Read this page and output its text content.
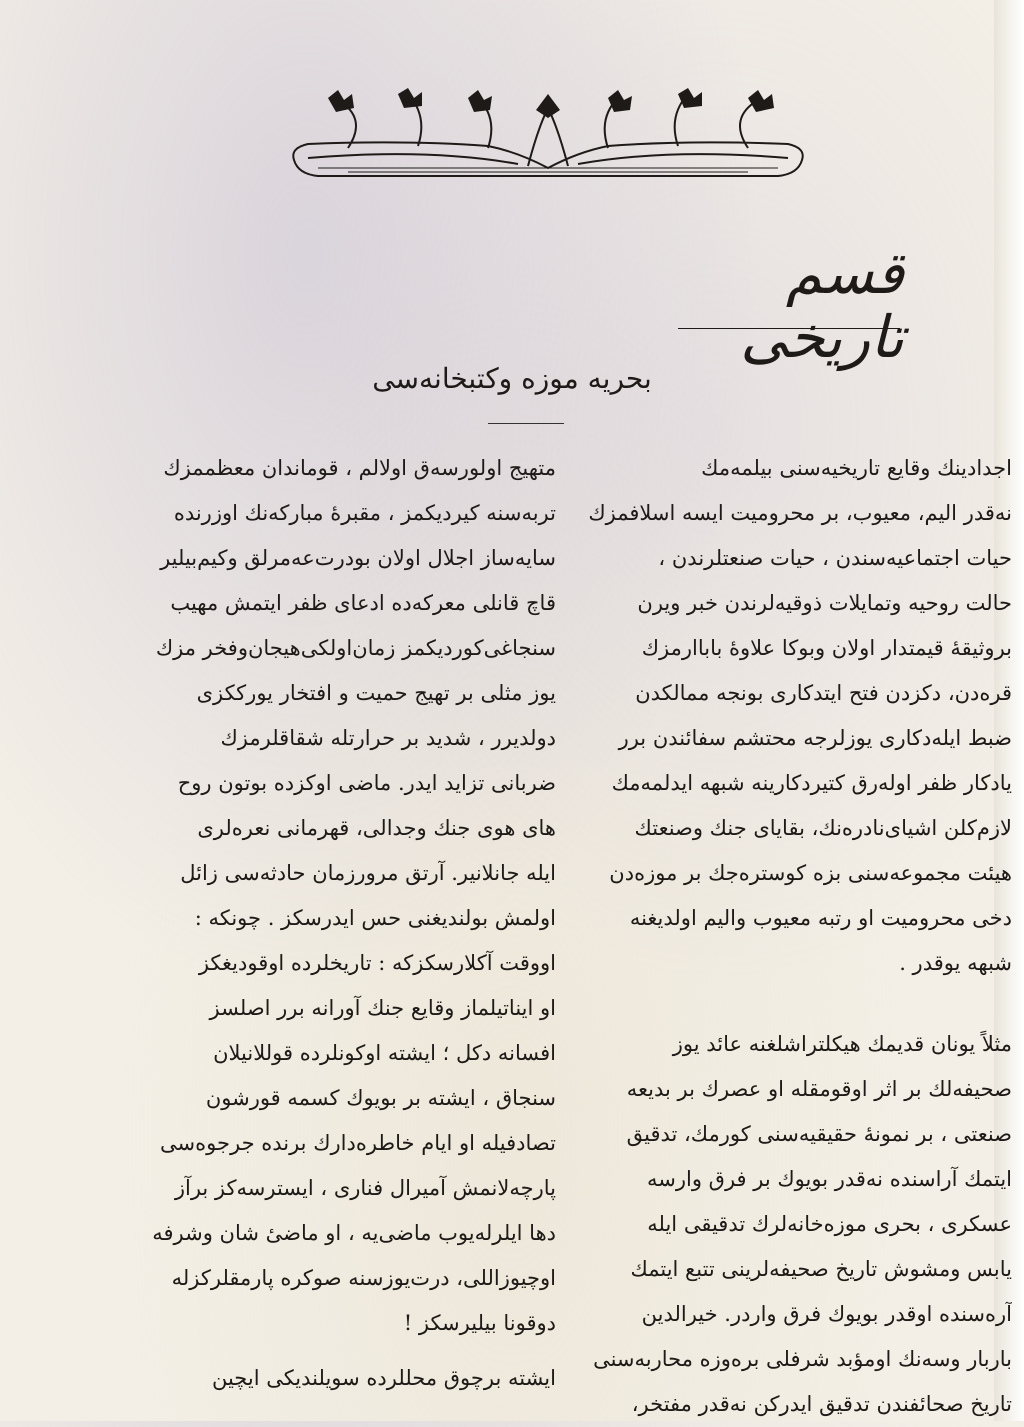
قسم تاریخی
بحریه موزه وکتبخانه‌سی
اجدادینك وقایع تاریخیه‌سنی بیلمه‌مك
نه‌قدر الیم، معیوب، بر محرومیت ایسه اسلافمزك
حیات اجتماعیه‌سندن ، حیات صنعتلرندن ،
حالت روحیه وتمایلات ذوقیه‌لرندن خبر ویرن
بروثیقهٔ قیمتدار اولان وبوكا علاوهٔ باباارمزك
قره‌دن، دكزدن فتح ایتدكاری بونجه ممالكدن
ضبط ایله‌دكاری یوزلرجه محتشم سفائندن برر
یادكار ظفر اوله‌رق كتیردكارینه شبهه ایدلمه‌مك
لازم‌كلن اشیای‌نادره‌نك، بقایای جنك وصنعتك
هیئت مجموعه‌سنی بزه كوستره‌جك بر موزه‌دن
دخی محرومیت او رتبه معیوب والیم اولدیغنه
شبهه یوقدر .
مثلاً یونان قدیمك هیكلتراشلغنه عائد یوز
صحیفه‌لك بر اثر اوقومقله او عصرك بر بدیعه
صنعتی ، بر نمونهٔ حقیقیه‌سنی كورمك، تدقیق
ایتمك آراسنده نه‌قدر بویوك بر فرق وارسه
عسكری ، بحری موزه‌خانه‌لرك تدقیقی ایله
یابس ومشوش تاریخ صحیفه‌لرینی تتبع ایتمك
آره‌سنده اوقدر بویوك فرق واردر. خیرالدین
باربار وسه‌نك اومؤبد شرفلی بره‌وزه محاربه‌سنی
تاریخ صحائفندن تدقیق ایدركن نه‌قدر مفتخر،
متهیج اولورسه‌ق اولالم ، قوماندان معظممزك
تربه‌سنه كیردیكمز ، مقبرهٔ مباركه‌نك اوزرنده
سایه‌ساز اجلال اولان بودرت‌عه‌مرلق وكیم‌بیلیر
قاچ قانلی معركه‌ده ادعای ظفر ایتمش مهیب
سنجاغی‌كوردیكمز زمان‌اولكی‌هیجان‌وفخر مزك
یوز مثلی بر تهیج حمیت و افتخار یورككزی
دولدیرر ، شدید بر حرارتله شقاقلرمزك
ضربانی تزاید ایدر. ماضی اوكزده بوتون روح
های هوی جنك وجدالی، قهرمانی نعره‌لری
ایله جانلانیر. آرتق مرورزمان حادثه‌سی زائل
اولمش بولندیغنی حس ایدرسكز . چونكه :
اووقت آكلارسكزكه : تاریخلرده اوقودیغكز
او ایناتیلماز وقایع جنك آورانه برر اصلسز
افسانه دكل ؛ ایشته اوكونلرده قوللانیلان
سنجاق ، ایشته بر بویوك كسمه قورشون
تصادفیله او ایام خاطره‌دارك برنده جرجوه‌سی
پارچه‌لانمش آمیرال فناری ، ایسترسه‌كز برآز
دها ایلرله‌یوب ماضی‌یه ، او ماضیٔ شان وشرفه
اوچیوزاللی، درت‌یوزسنه صوكره پارمقلركزله
دوقونا بیلیرسكز !
ایشته برچوق محللرده سویلندیكی ایچین
